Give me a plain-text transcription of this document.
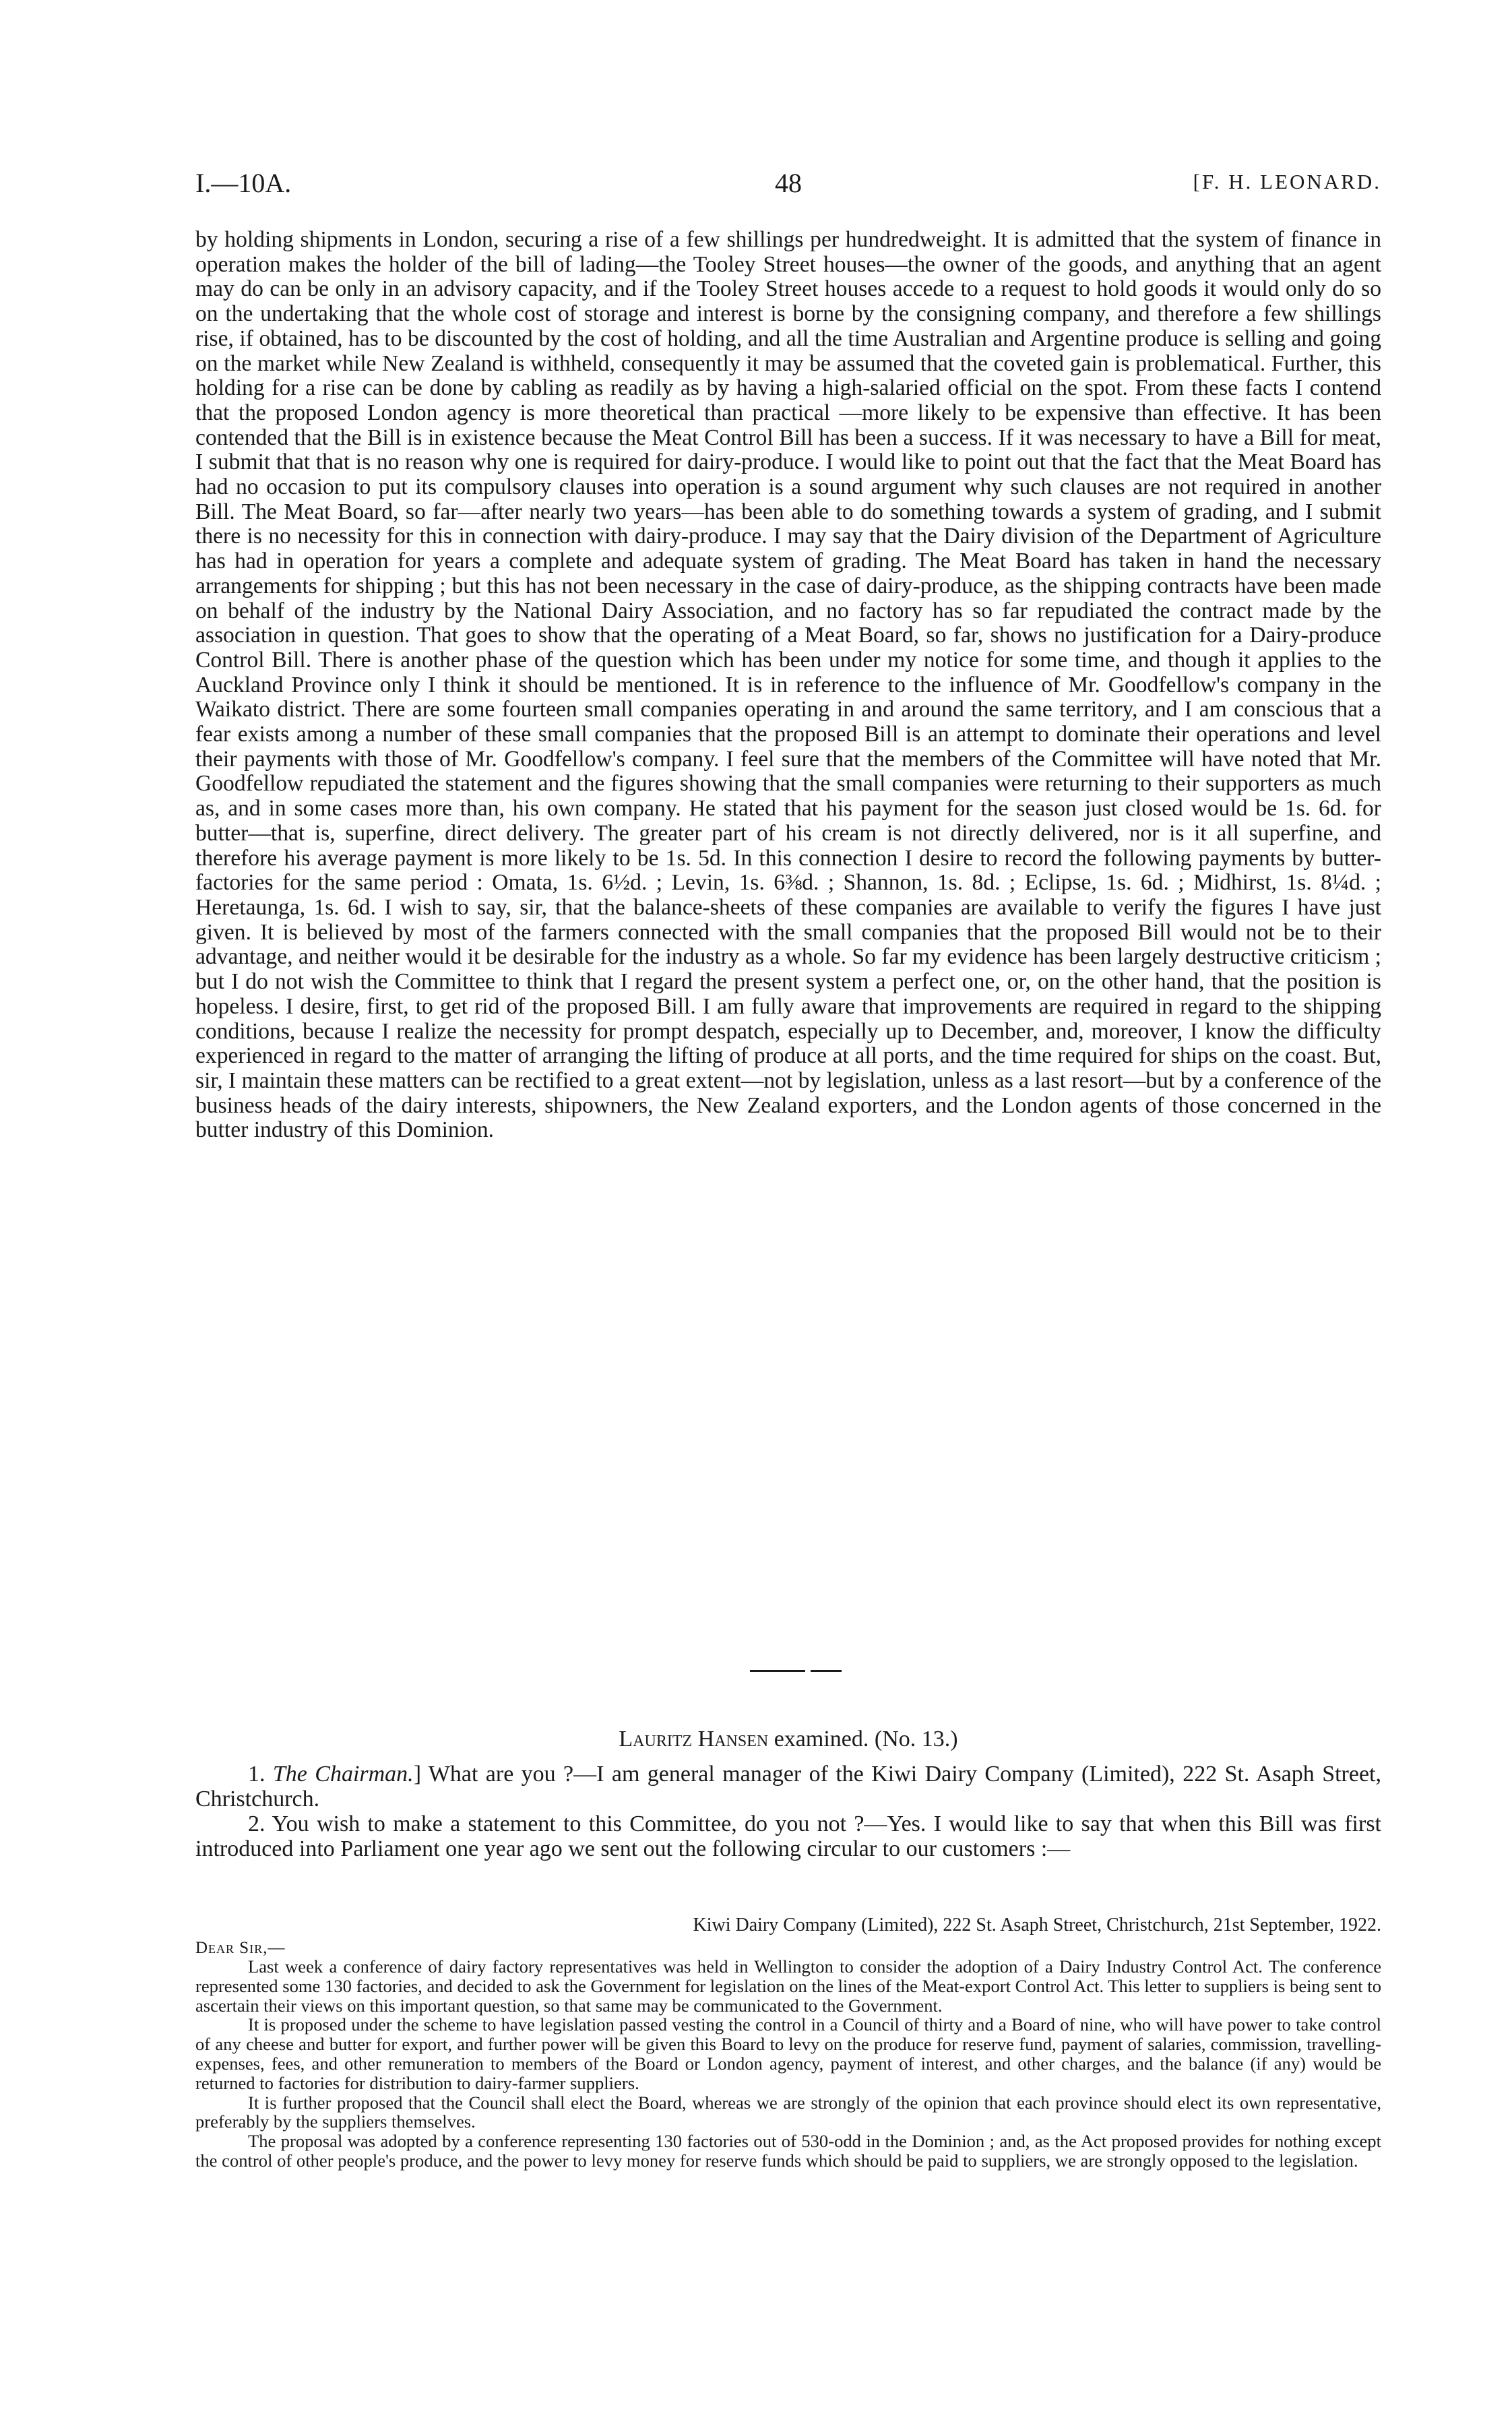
I.—10A.	48	[F. H. LEONARD.

by holding shipments in London, securing a rise of a few shillings per hundredweight. It is admitted that the system of finance in operation makes the holder of the bill of lading—the Tooley Street houses—the owner of the goods, and anything that an agent may do can be only in an advisory capacity, and if the Tooley Street houses accede to a request to hold goods it would only do so on the undertaking that the whole cost of storage and interest is borne by the consigning company, and therefore a few shillings rise, if obtained, has to be discounted by the cost of holding, and all the time Australian and Argentine produce is selling and going on the market while New Zealand is withheld, consequently it may be assumed that the coveted gain is problematical. Further, this holding for a rise can be done by cabling as readily as by having a high-salaried official on the spot. From these facts I contend that the proposed London agency is more theoretical than practical —more likely to be expensive than effective. It has been contended that the Bill is in existence because the Meat Control Bill has been a success. If it was necessary to have a Bill for meat, I submit that that is no reason why one is required for dairy-produce. I would like to point out that the fact that the Meat Board has had no occasion to put its compulsory clauses into operation is a sound argument why such clauses are not required in another Bill. The Meat Board, so far—after nearly two years—has been able to do something towards a system of grading, and I submit there is no necessity for this in connection with dairy-produce. I may say that the Dairy division of the Department of Agriculture has had in operation for years a complete and adequate system of grading. The Meat Board has taken in hand the necessary arrangements for shipping ; but this has not been necessary in the case of dairy-produce, as the shipping contracts have been made on behalf of the industry by the National Dairy Association, and no factory has so far repudiated the contract made by the association in question. That goes to show that the operating of a Meat Board, so far, shows no justification for a Dairy-produce Control Bill. There is another phase of the question which has been under my notice for some time, and though it applies to the Auckland Province only I think it should be mentioned. It is in reference to the influence of Mr. Goodfellow's company in the Waikato district. There are some fourteen small companies operating in and around the same territory, and I am conscious that a fear exists among a number of these small companies that the proposed Bill is an attempt to dominate their operations and level their payments with those of Mr. Goodfellow's company. I feel sure that the members of the Committee will have noted that Mr. Goodfellow repudiated the statement and the figures showing that the small companies were returning to their supporters as much as, and in some cases more than, his own company. He stated that his payment for the season just closed would be 1s. 6d. for butter—that is, superfine, direct delivery. The greater part of his cream is not directly delivered, nor is it all superfine, and therefore his average payment is more likely to be 1s. 5d. In this connection I desire to record the following payments by butter-factories for the same period : Omata, 1s. 6½d. ; Levin, 1s. 6⅜d. ; Shannon, 1s. 8d. ; Eclipse, 1s. 6d. ; Midhirst, 1s. 8¼d. ; Heretaunga, 1s. 6d. I wish to say, sir, that the balance-sheets of these companies are available to verify the figures I have just given. It is believed by most of the farmers connected with the small companies that the proposed Bill would not be to their advantage, and neither would it be desirable for the industry as a whole. So far my evidence has been largely destructive criticism ; but I do not wish the Committee to think that I regard the present system a perfect one, or, on the other hand, that the position is hopeless. I desire, first, to get rid of the proposed Bill. I am fully aware that improvements are required in regard to the shipping conditions, because I realize the necessity for prompt despatch, especially up to December, and, moreover, I know the difficulty experienced in regard to the matter of arranging the lifting of produce at all ports, and the time required for ships on the coast. But, sir, I maintain these matters can be rectified to a great extent—not by legislation, unless as a last resort—but by a conference of the business heads of the dairy interests, shipowners, the New Zealand exporters, and the London agents of those concerned in the butter industry of this Dominion.

Lauritz Hansen examined. (No. 13.)

1. The Chairman.] What are you ?—I am general manager of the Kiwi Dairy Company (Limited), 222 St. Asaph Street, Christchurch.

2. You wish to make a statement to this Committee, do you not ?—Yes. I would like to say that when this Bill was first introduced into Parliament one year ago we sent out the following circular to our customers :—

Kiwi Dairy Company (Limited), 222 St. Asaph Street, Christchurch, 21st September, 1922.
Dear Sir,—

Last week a conference of dairy factory representatives was held in Wellington to consider the adoption of a Dairy Industry Control Act. The conference represented some 130 factories, and decided to ask the Government for legislation on the lines of the Meat-export Control Act. This letter to suppliers is being sent to ascertain their views on this important question, so that same may be communicated to the Government.

It is proposed under the scheme to have legislation passed vesting the control in a Council of thirty and a Board of nine, who will have power to take control of any cheese and butter for export, and further power will be given this Board to levy on the produce for reserve fund, payment of salaries, commission, travelling-expenses, fees, and other remuneration to members of the Board or London agency, payment of interest, and other charges, and the balance (if any) would be returned to factories for distribution to dairy-farmer suppliers.

It is further proposed that the Council shall elect the Board, whereas we are strongly of the opinion that each province should elect its own representative, preferably by the suppliers themselves.

The proposal was adopted by a conference representing 130 factories out of 530-odd in the Dominion ; and, as the Act proposed provides for nothing except the control of other people's produce, and the power to levy money for reserve funds which should be paid to suppliers, we are strongly opposed to the legislation.
